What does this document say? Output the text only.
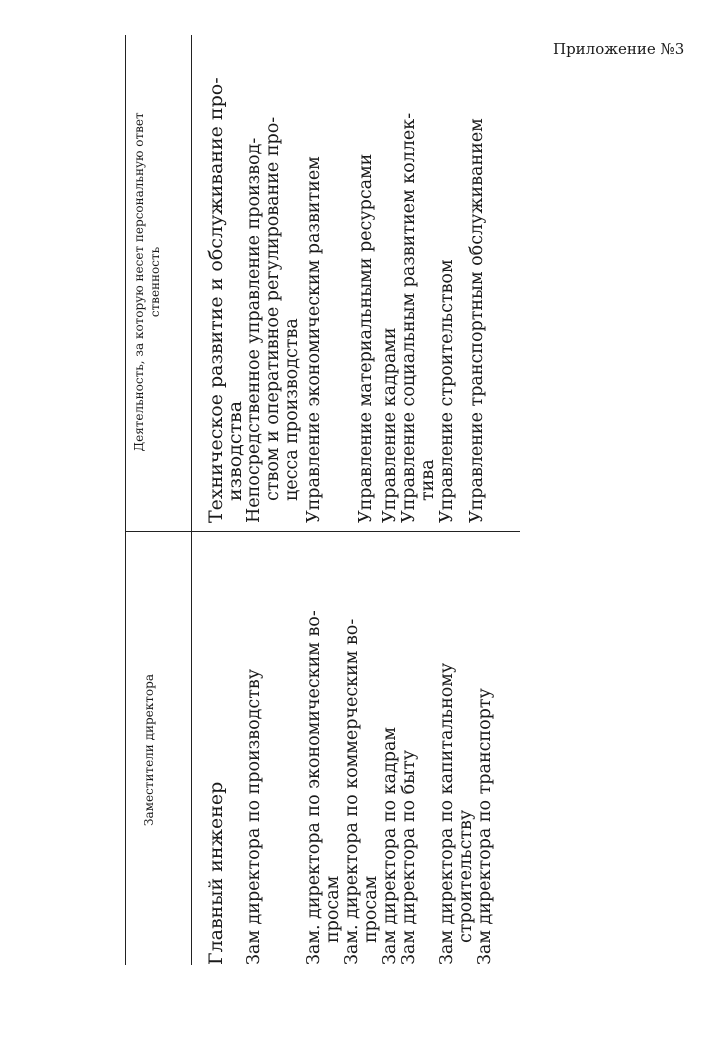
Приложение №3
Заместители директора
Деятельность, за которую несет персональную ответ ственность
Главный инженер
Техническое развитие и обслуживание про-
изводства
Зам директора по производству
Непосредственное управление производ- ством и оперативное регулирование про- цесса производства
Зам. директора по экономическим во- просам
Управление экономическим развитием
Зам. директора по коммерческим во- просам
Управление материальными ресурсами
Зам директора по кадрам
Управление кадрами
Зам директора по быту
Управление социальным развитием коллек- тива
Зам директора по капитальному строительству
Управление строительством
Зам директора по транспорту
Управление транспортным обслуживанием
